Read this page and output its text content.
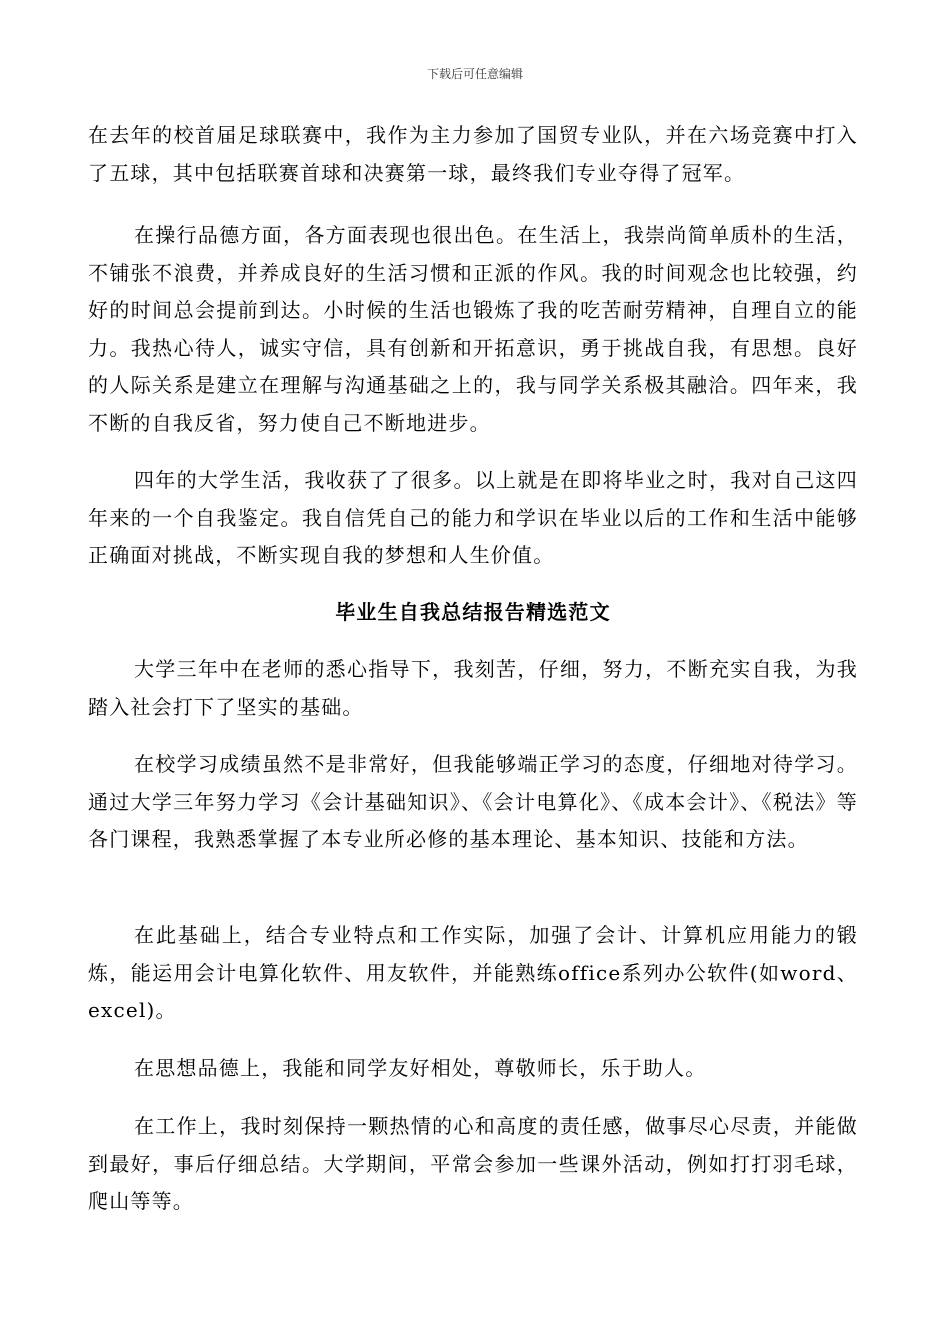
下载后可任意编辑

在去年的校首届足球联赛中，我作为主力参加了国贸专业队，并在六场竞赛中打入了五球，其中包括联赛首球和决赛第一球，最终我们专业夺得了冠军。

在操行品德方面，各方面表现也很出色。在生活上，我崇尚简单质朴的生活，不铺张不浪费，并养成良好的生活习惯和正派的作风。我的时间观念也比较强，约好的时间总会提前到达。小时候的生活也锻炼了我的吃苦耐劳精神，自理自立的能力。我热心待人，诚实守信，具有创新和开拓意识，勇于挑战自我，有思想。良好的人际关系是建立在理解与沟通基础之上的，我与同学关系极其融洽。四年来，我不断的自我反省，努力使自己不断地进步。

四年的大学生活，我收获了了很多。以上就是在即将毕业之时，我对自己这四年来的一个自我鉴定。我自信凭自己的能力和学识在毕业以后的工作和生活中能够正确面对挑战，不断实现自我的梦想和人生价值。

毕业生自我总结报告精选范文

大学三年中在老师的悉心指导下，我刻苦，仔细，努力，不断充实自我，为我踏入社会打下了坚实的基础。

在校学习成绩虽然不是非常好，但我能够端正学习的态度，仔细地对待学习。通过大学三年努力学习《会计基础知识》、《会计电算化》、《成本会计》、《税法》等各门课程，我熟悉掌握了本专业所必修的基本理论、基本知识、技能和方法。

在此基础上，结合专业特点和工作实际，加强了会计、计算机应用能力的锻炼，能运用会计电算化软件、用友软件，并能熟练office系列办公软件(如word、excel)。

在思想品德上，我能和同学友好相处，尊敬师长，乐于助人。

在工作上，我时刻保持一颗热情的心和高度的责任感，做事尽心尽责，并能做到最好，事后仔细总结。大学期间，平常会参加一些课外活动，例如打打羽毛球，爬山等等。
